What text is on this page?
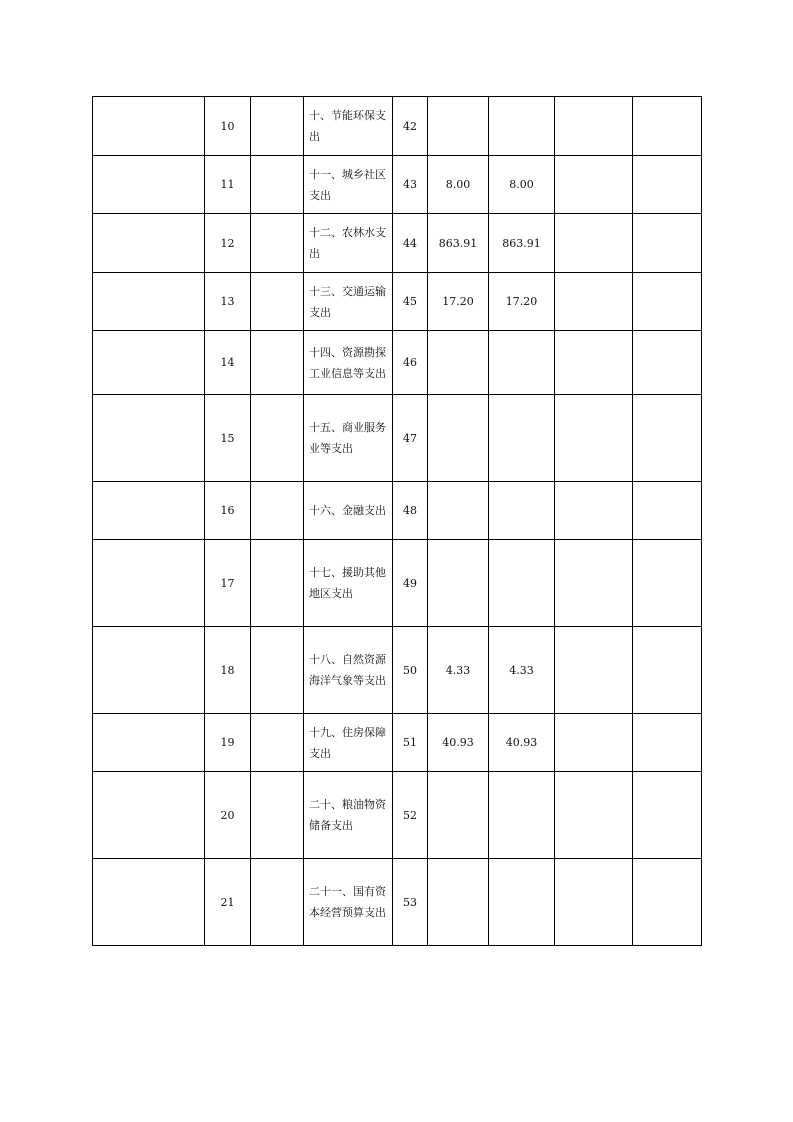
	10		十、节能环保支出	42				
	11		十一、城乡社区支出	43	8.00	8.00		
	12		十二、农林水支出	44	863.91	863.91		
	13		十三、交通运输支出	45	17.20	17.20		
	14		十四、资源勘探工业信息等支出	46				
	15		十五、商业服务业等支出	47				
	16		十六、金融支出	48				
	17		十七、援助其他地区支出	49				
	18		十八、自然资源海洋气象等支出	50	4.33	4.33		
	19		十九、住房保障支出	51	40.93	40.93		
	20		二十、粮油物资储备支出	52				
	21		二十一、国有资本经营预算支出	53				
